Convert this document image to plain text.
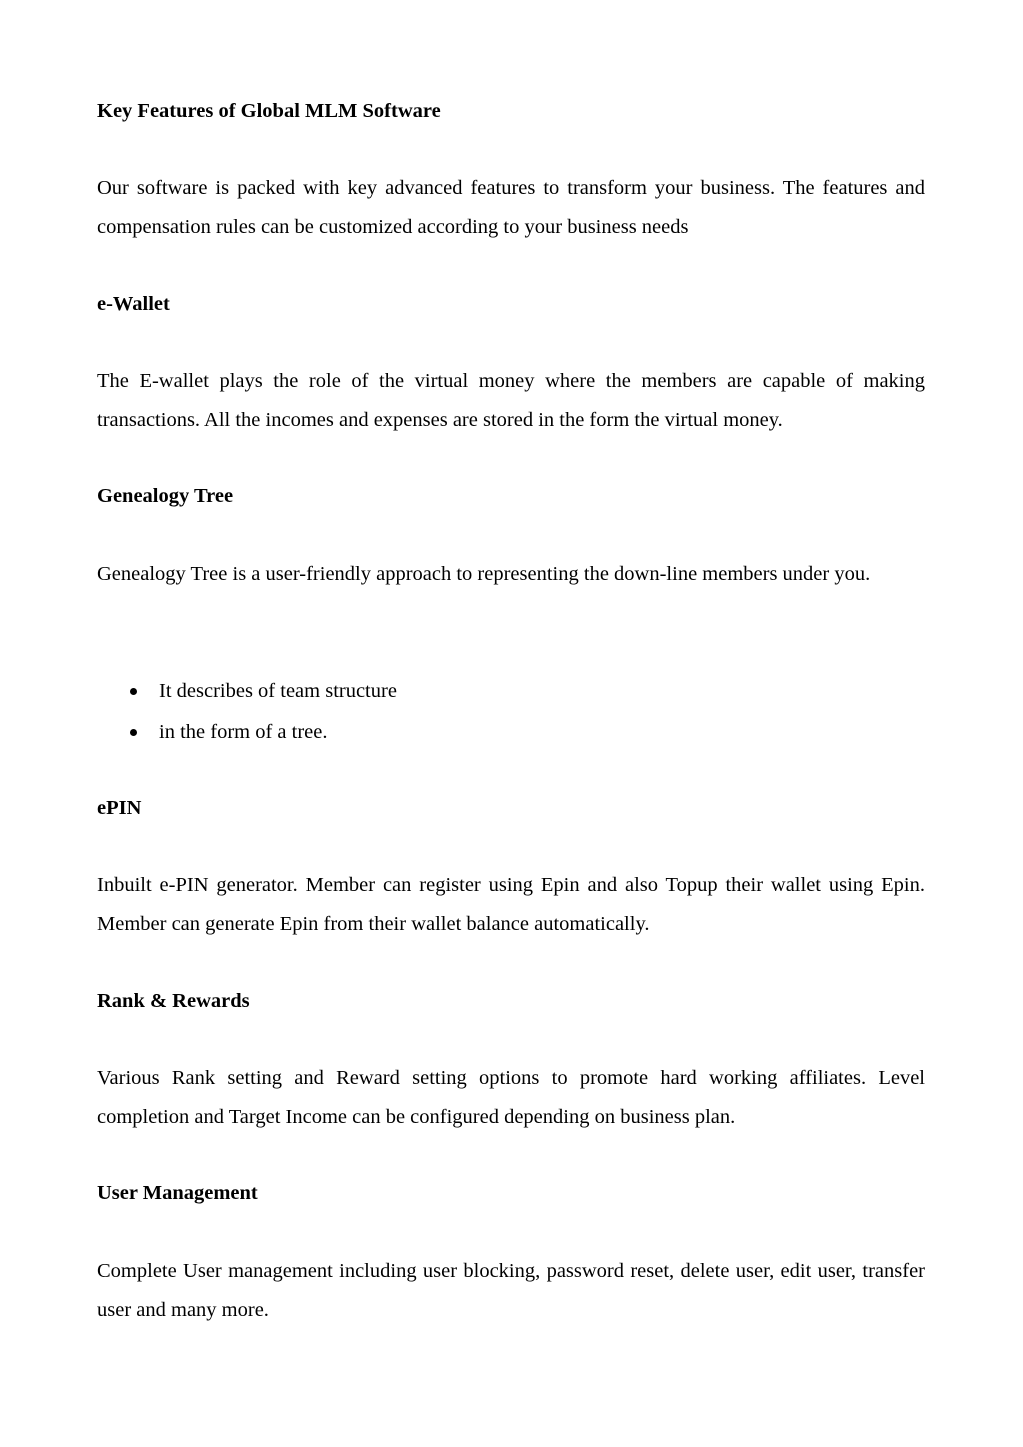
Key Features of Global MLM Software

Our software is packed with key advanced features to transform your business. The features and compensation rules can be customized according to your business needs

e-Wallet

The E-wallet plays the role of the virtual money where the members are capable of making transactions. All the incomes and expenses are stored in the form the virtual money.

Genealogy Tree

Genealogy Tree is a user-friendly approach to representing the down-line members under you.

It describes of team structure
in the form of a tree.

ePIN

Inbuilt e-PIN generator. Member can register using Epin and also Topup their wallet using Epin. Member can generate Epin from their wallet balance automatically.

Rank & Rewards

Various Rank setting and Reward setting options to promote hard working affiliates. Level completion and Target Income can be configured depending on business plan.

User Management

Complete User management including user blocking, password reset, delete user, edit user, transfer user and many more.
